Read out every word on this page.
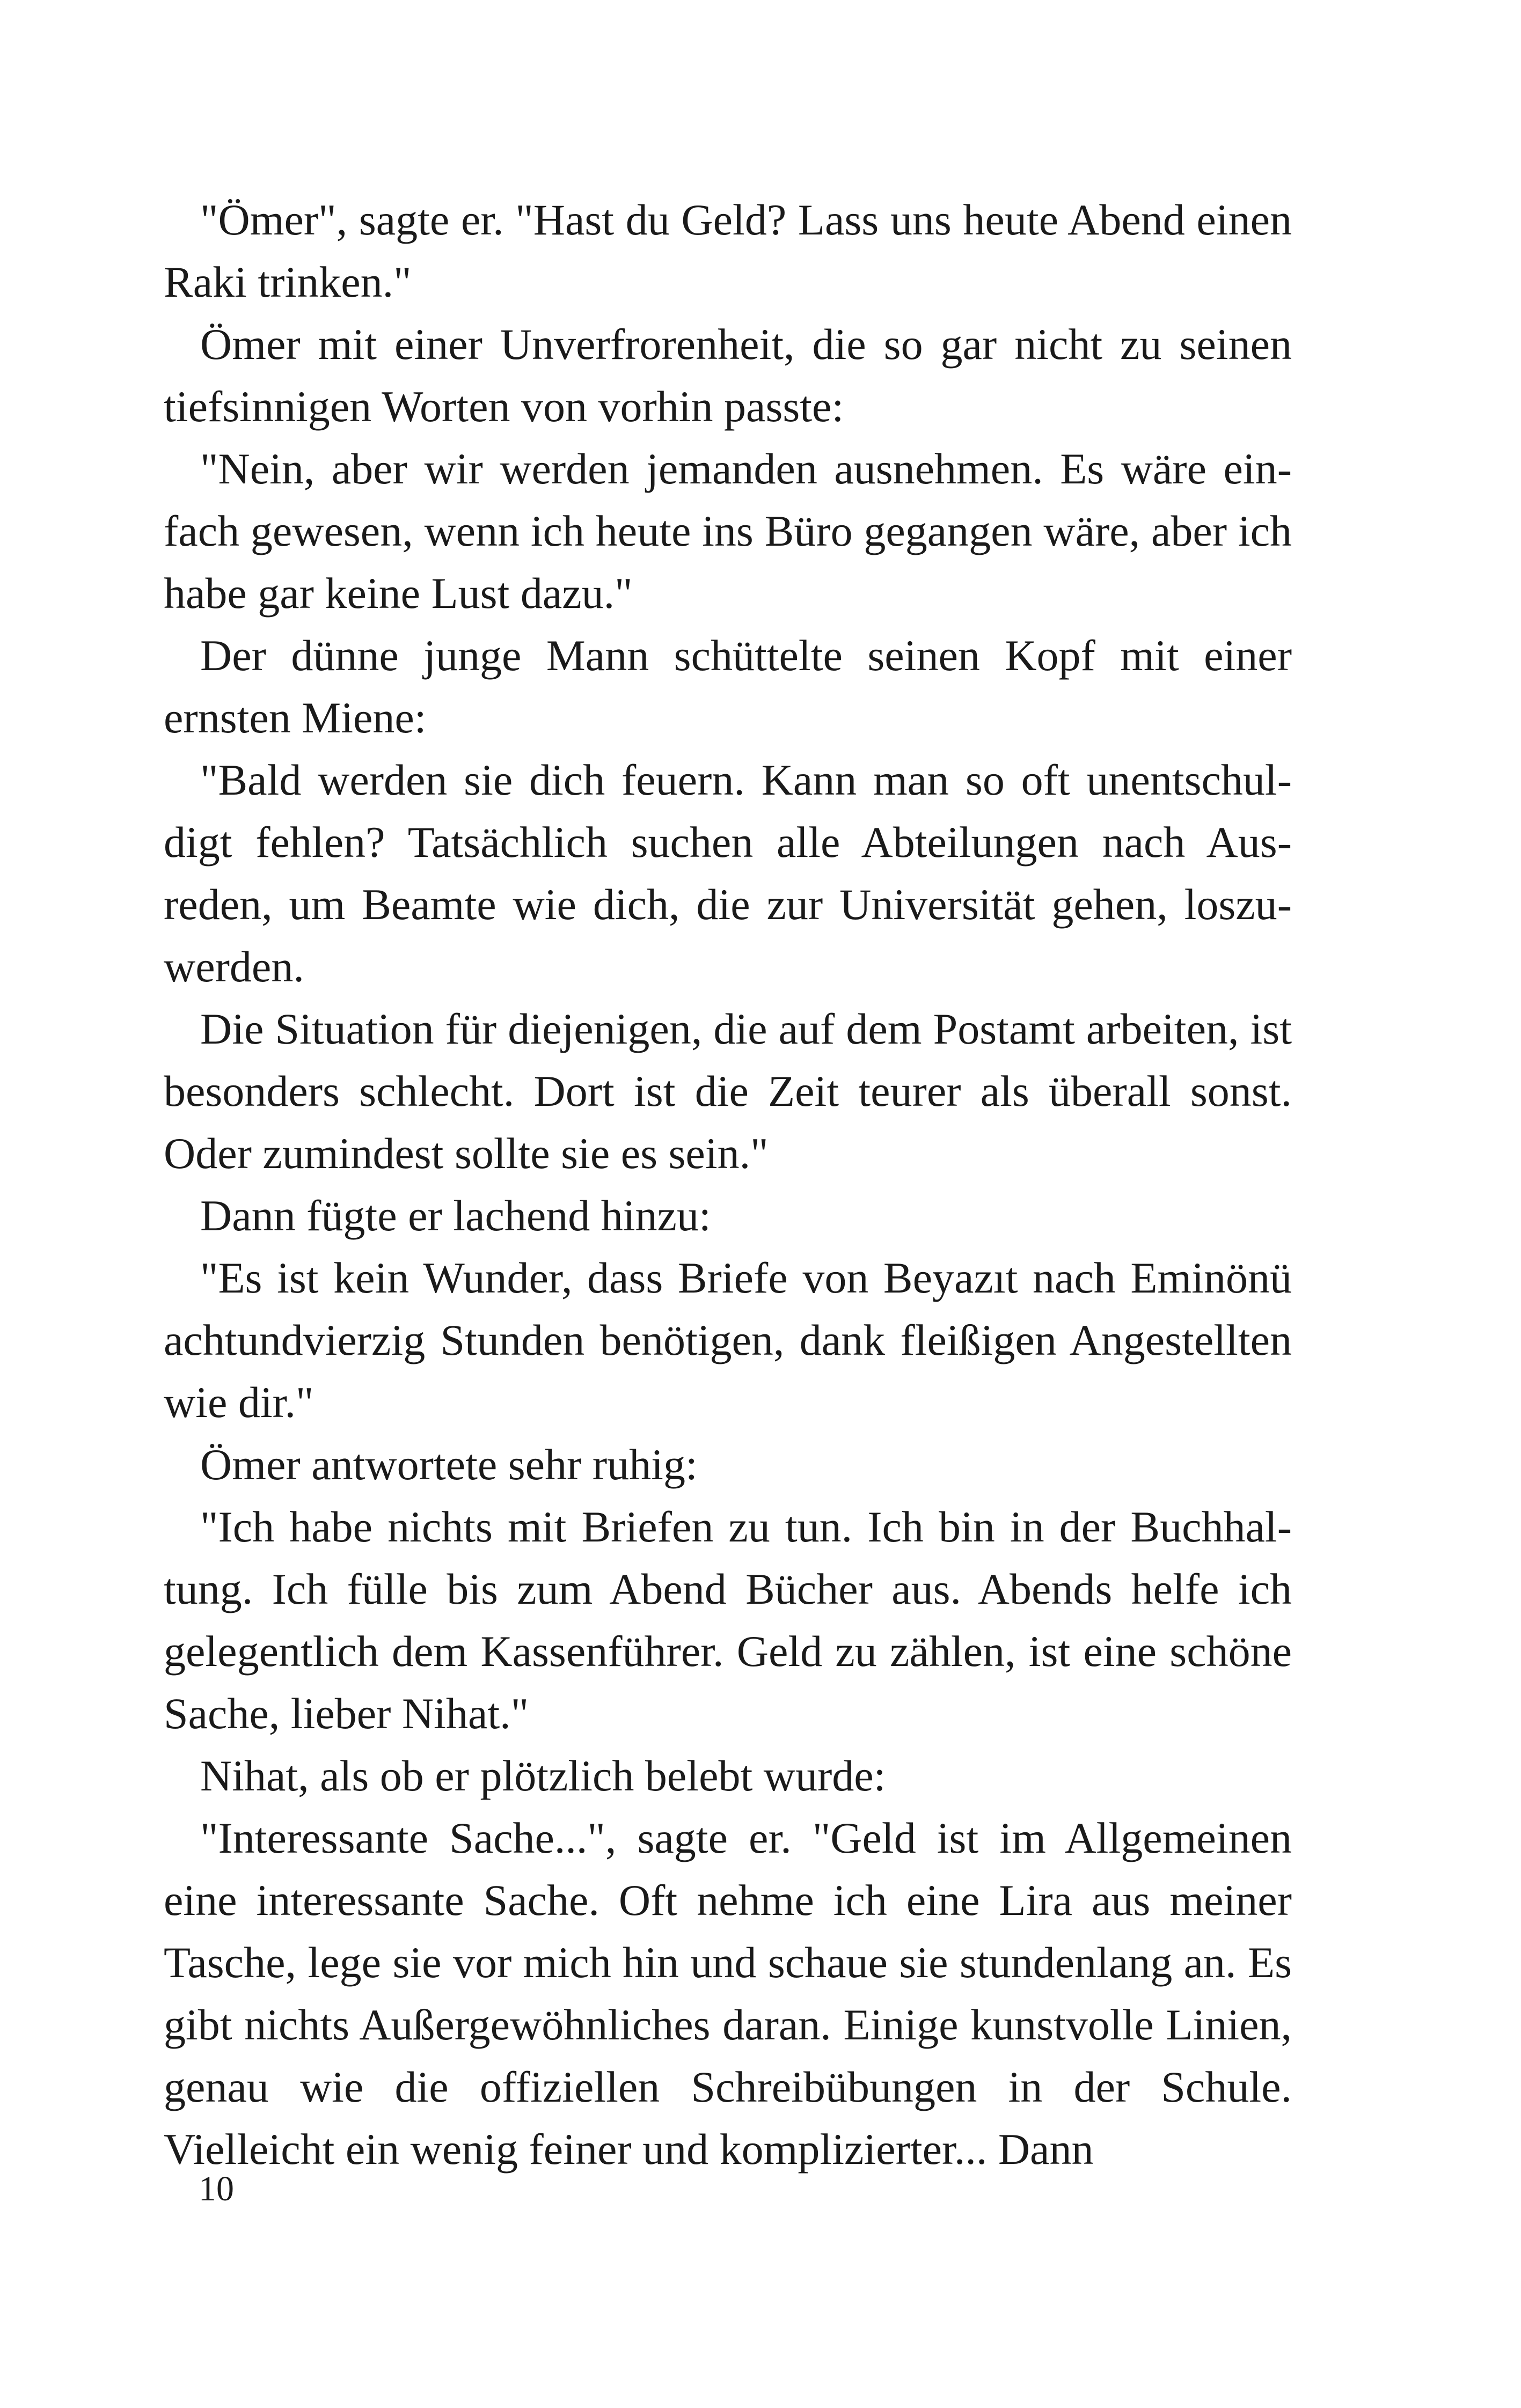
"Ömer", sagte er. "Hast du Geld? Lass uns heute Abend einen Raki trinken."

Ömer mit einer Unverfrorenheit, die so gar nicht zu seinen tiefsinnigen Worten von vorhin passte:

"Nein, aber wir werden jemanden ausnehmen. Es wäre einfach gewesen, wenn ich heute ins Büro gegangen wäre, aber ich habe gar keine Lust dazu."

Der dünne junge Mann schüttelte seinen Kopf mit einer ernsten Miene:

"Bald werden sie dich feuern. Kann man so oft unentschuldigt fehlen? Tatsächlich suchen alle Abteilungen nach Ausreden, um Beamte wie dich, die zur Universität gehen, loszuwerden.

Die Situation für diejenigen, die auf dem Postamt arbeiten, ist besonders schlecht. Dort ist die Zeit teurer als überall sonst. Oder zumindest sollte sie es sein."

Dann fügte er lachend hinzu:

"Es ist kein Wunder, dass Briefe von Beyazıt nach Eminönü achtundvierzig Stunden benötigen, dank fleißigen Angestellten wie dir."

Ömer antwortete sehr ruhig:

"Ich habe nichts mit Briefen zu tun. Ich bin in der Buchhaltung. Ich fülle bis zum Abend Bücher aus. Abends helfe ich gelegentlich dem Kassenführer. Geld zu zählen, ist eine schöne Sache, lieber Nihat."

Nihat, als ob er plötzlich belebt wurde:

"Interessante Sache...", sagte er. "Geld ist im Allgemeinen eine interessante Sache. Oft nehme ich eine Lira aus meiner Tasche, lege sie vor mich hin und schaue sie stundenlang an. Es gibt nichts Außergewöhnliches daran. Einige kunstvolle Linien, genau wie die offiziellen Schreibübungen in der Schule. Vielleicht ein wenig feiner und komplizierter... Dann

10
